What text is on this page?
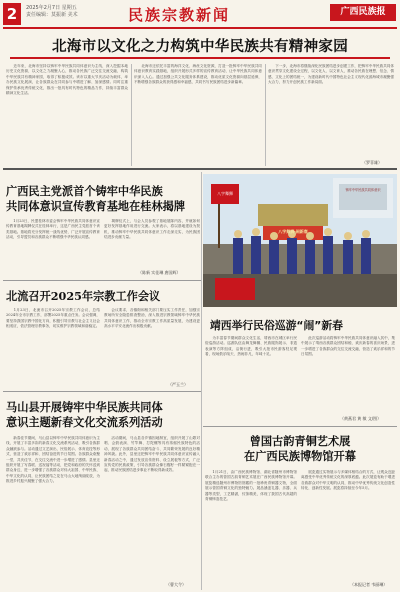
2	2025年2月7日 星期五
责任编辑：莫振新 美术	民族宗教新闻	广西民族报
北海市以文化之力构筑中华民族共有精神家园
　　近年来，北海市坚持以铸牢中华民族共同体意识为主线，深入挖掘本地历史文化资源，以文化之力凝聚人心，推动各民族广泛交往交流交融，构筑中华民族共有精神家园，取得了积极成效。该市以重大节庆活动为载体，举办民族文化展演，让各族群众在共同参与中增进了解、加深感情。同时注重保护传承优秀传统文化，推出一批具有时代特色的精品力作，持续丰富群众精神文化生活。
　　北海市还依托丰富的海洋文化、海丝文化资源，打造一批铸牢中华民族共同体意识教育实践基地，组织开展形式多样的宣传教育活动，让中华民族共同体意识深入人心。通过加强公共文化服务体系建设，推动优质文化资源向基层延伸，不断增强各族群众的获得感和幸福感，共同书写民族团结进步新篇章。
　　下一步，北海市将继续深化民族团结进步创建工作，把铸牢中华民族共同体意识贯穿文化建设全过程，以文化人、以文育人，推动各民族在理想、信念、情感、文化上的团结统一，为建设新时代中国特色社会主义现代化滨海城市凝聚强大合力，努力开创民族工作新局面。
（罗菲雄）
广西民主党派首个铸牢中华民族
共同体意识宣传教育基地在桂林揭牌
　　1月23日，民盟桂林市委会铸牢中华民族共同体意识宣传教育基地揭牌仪式在桂林举行，这是广西民主党派首个该类基地。基地将充分发挥统一战线优势，广泛开展宣传教育活动，引导盟员和各族群众不断增强中华民族认同感。
　　揭牌仪式上，与会人员参观了基地展陈内容，并就如何更好发挥基地作用进行交流。大家表示，将以基地建设为契机，推动铸牢中华民族共同体意识工作走深走实，为民族团结进步贡献力量。
（陈新 实佳琳 唐国辉）
北流召开2025年宗教工作会议
　　1月23日，北流市召开2025年宗教工作会议，总结2024年全市宗教工作，部署2025年重点任务。会议强调，要坚持我国宗教中国化方向，积极引导宗教与社会主义社会相适应，依法管理宗教事务，切实维护宗教领域和谐稳定。
　　会议要求，各镇街和相关部门要压实工作责任，加强宗教场所安全隐患排查整治，深入推进宗教领域铸牢中华民族共同体意识工作，推动全市宗教工作高质量发展，为建设更高水平平安北流作出积极贡献。
（严玉兰）
马山县开展铸牢中华民族共同体
意识主题新春文化交流系列活动
　　新春佳节期间，马山县以铸牢中华民族共同体意识为主线，开展了丰富多彩的新春文化交流系列活动，吸引各族群众踊跃参与。活动通过文艺演出、民俗展示、体育竞技等形式，营造了欢乐祥和、团结奋进的节日氛围。各族群众欢聚一堂，共庆佳节，在交往交流中进一步增进了感情。县里还组织开展了写春联、送祝福等活动，把党和政府的关怀送到群众身边，进一步增强了各族群众对伟大祖国、中华民族、中华文化的认同，让民族团结之花在马山大地绚丽绽放，为推进乡村振兴凝聚了强大合力。
　　活动期间，马山县各乡镇因地制宜，组织开展了山歌对唱、会鼓表演、竹竿舞、打陀螺等具有浓郁民族特色的活动，展现了各族群众共同团结奋斗、共同繁荣发展的良好精神风貌。此外，县里还把铸牢中华民族共同体意识宣传融入新春活动之中，通过发放宣传资料、设立展板等方式，广泛宣传党的民族政策，引导各族群众像石榴籽一样紧紧抱在一起，推动民族团结进步事业不断取得新成效。
（曹大令）
八字舞狮
铸牢中华民族共同体意识
八字舞狮·闹新春
靖西举行民俗巡游“闹”新春
　　为丰富春节期间群众文化生活，靖西市在城区举行民俗巡游活动。巡游队伍由舞龙舞狮、民族服饰展示、非遗表演等方阵组成，沿街行进，吸引大批市民游客驻足观看，现场鼓乐喧天、热闹非凡，年味十足。
　　此次巡游活动将铸牢中华民族共同体意识融入其中，集中展示了靖西各族群众团结和睦、欢庆新春的喜庆场景，进一步增进了各族群众的交往交流交融，营造了欢乐祥和的节日氛围。
（黄燕君 黄 敏 文/图）
曾国古韵青铜艺术展
在广西民族博物馆开幕
　　1月21日，由广西民族博物馆、湖北省随州市博物馆联合主办的曾国古韵青铜艺术展在广西民族博物馆开幕。展览精选随州市博物馆馆藏的一批珍贵青铜器文物，全面展示曾国青铜文化的独特魅力。展品涵盖礼器、乐器、兵器等类型，工艺精湛，纹饰精美，体现了我国古代高超的青铜铸造技艺。
　　展览通过实物展示与多媒体相结合的方式，让观众近距离感受中华优秀传统文化的深厚底蕴。此次展览有助于增进各族群众对中华文明的认同，推动中华优秀传统文化创造性转化、创新性发展。展览将持续至今年5月。
（本报记者 韦丽琳）
